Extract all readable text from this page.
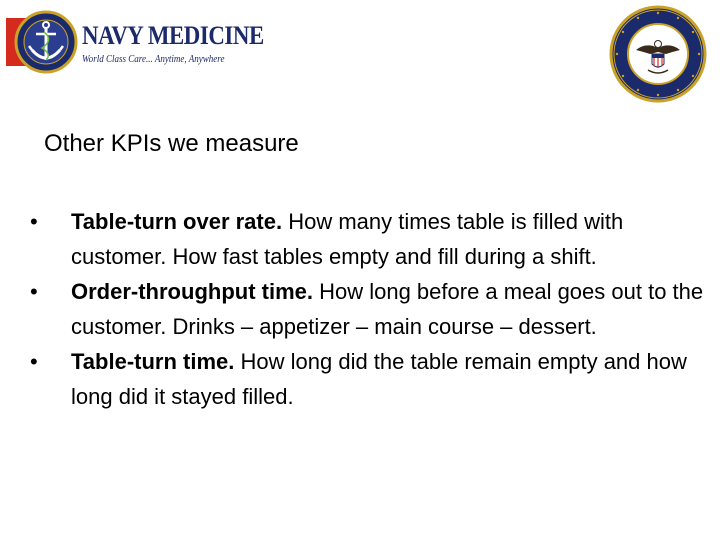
NAVY MEDICINE
World Class Care... Anytime, Anywhere
Other KPIs we measure
•	Table-turn over rate. How many times table is filled with customer. How fast tables empty and fill during a shift.
•	Order-throughput time. How long before a meal goes out to the customer. Drinks – appetizer – main course – dessert.
•	Table-turn time. How long did the table remain empty and how long did it stayed filled.
